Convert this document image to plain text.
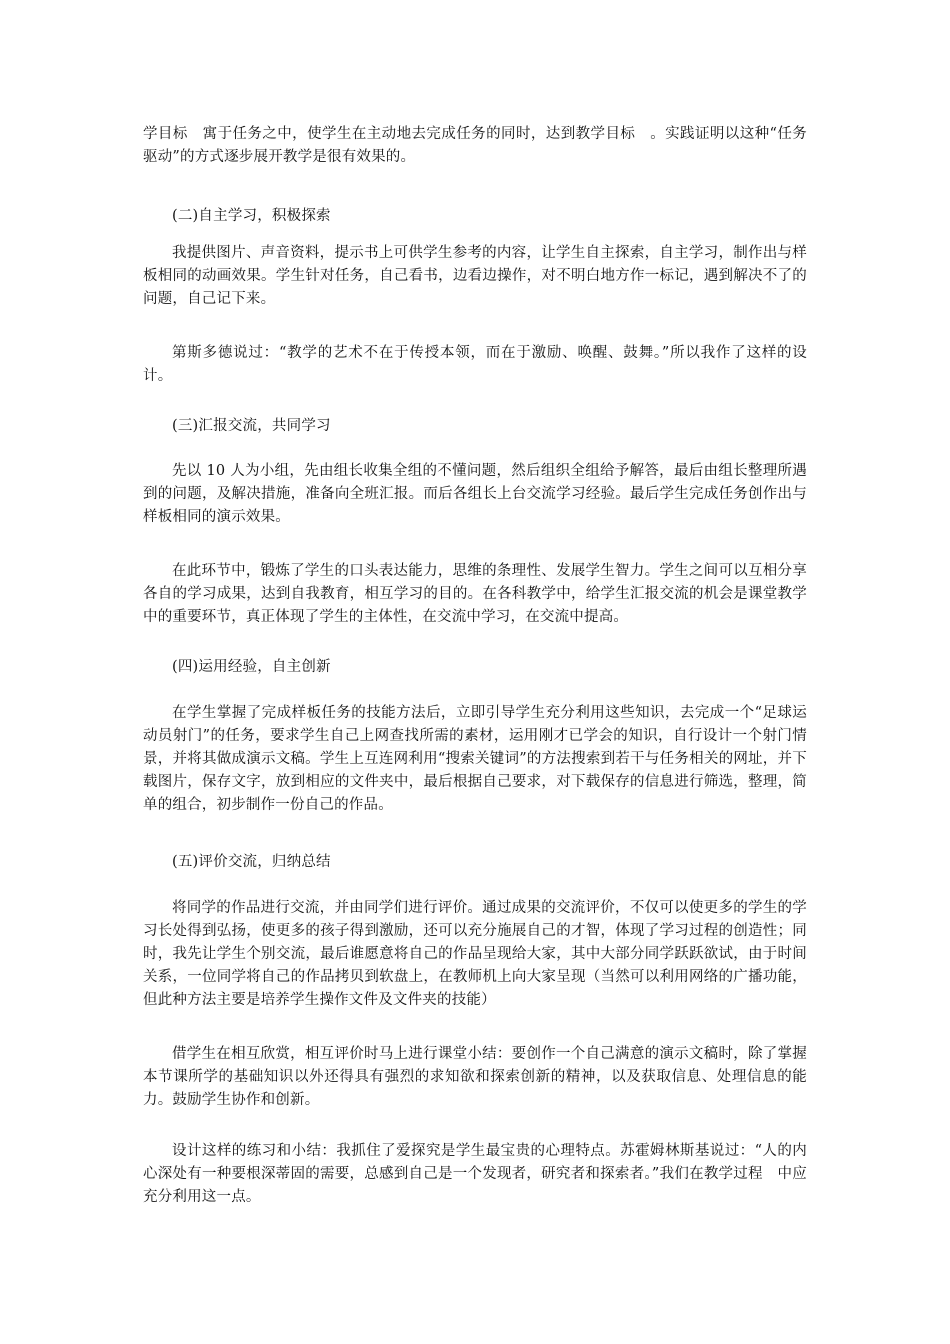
学目标　寓于任务之中，使学生在主动地去完成任务的同时，达到教学目标　。实践证明以这种“任务驱动”的方式逐步展开教学是很有效果的。

(二)自主学习，积极探索

我提供图片、声音资料，提示书上可供学生参考的内容，让学生自主探索，自主学习，制作出与样板相同的动画效果。学生针对任务，自己看书，边看边操作，对不明白地方作一标记，遇到解决不了的问题，自己记下来。

第斯多德说过：“教学的艺术不在于传授本领，而在于激励、唤醒、鼓舞。”所以我作了这样的设计。

(三)汇报交流，共同学习

先以 10 人为小组，先由组长收集全组的不懂问题，然后组织全组给予解答，最后由组长整理所遇到的问题，及解决措施，准备向全班汇报。而后各组长上台交流学习经验。最后学生完成任务创作出与样板相同的演示效果。

在此环节中，锻炼了学生的口头表达能力，思维的条理性、发展学生智力。学生之间可以互相分享各自的学习成果，达到自我教育，相互学习的目的。在各科教学中，给学生汇报交流的机会是课堂教学中的重要环节，真正体现了学生的主体性，在交流中学习，在交流中提高。

(四)运用经验，自主创新

在学生掌握了完成样板任务的技能方法后，立即引导学生充分利用这些知识，去完成一个“足球运动员射门”的任务，要求学生自己上网查找所需的素材，运用刚才已学会的知识，自行设计一个射门情景，并将其做成演示文稿。学生上互连网利用“搜索关键词”的方法搜索到若干与任务相关的网址，并下载图片，保存文字，放到相应的文件夹中，最后根据自己要求，对下载保存的信息进行筛选，整理，简单的组合，初步制作一份自己的作品。

(五)评价交流，归纳总结

将同学的作品进行交流，并由同学们进行评价。通过成果的交流评价，不仅可以使更多的学生的学习长处得到弘扬，使更多的孩子得到激励，还可以充分施展自己的才智，体现了学习过程的创造性；同时，我先让学生个别交流，最后谁愿意将自己的作品呈现给大家，其中大部分同学跃跃欲试，由于时间关系，一位同学将自己的作品拷贝到软盘上，在教师机上向大家呈现（当然可以利用网络的广播功能，但此种方法主要是培养学生操作文件及文件夹的技能）

借学生在相互欣赏，相互评价时马上进行课堂小结：要创作一个自己满意的演示文稿时，除了掌握本节课所学的基础知识以外还得具有强烈的求知欲和探索创新的精神，以及获取信息、处理信息的能力。鼓励学生协作和创新。

设计这样的练习和小结：我抓住了爱探究是学生最宝贵的心理特点。苏霍姆林斯基说过：“人的内心深处有一种要根深蒂固的需要，总感到自己是一个发现者，研究者和探索者。”我们在教学过程　中应充分利用这一点。
